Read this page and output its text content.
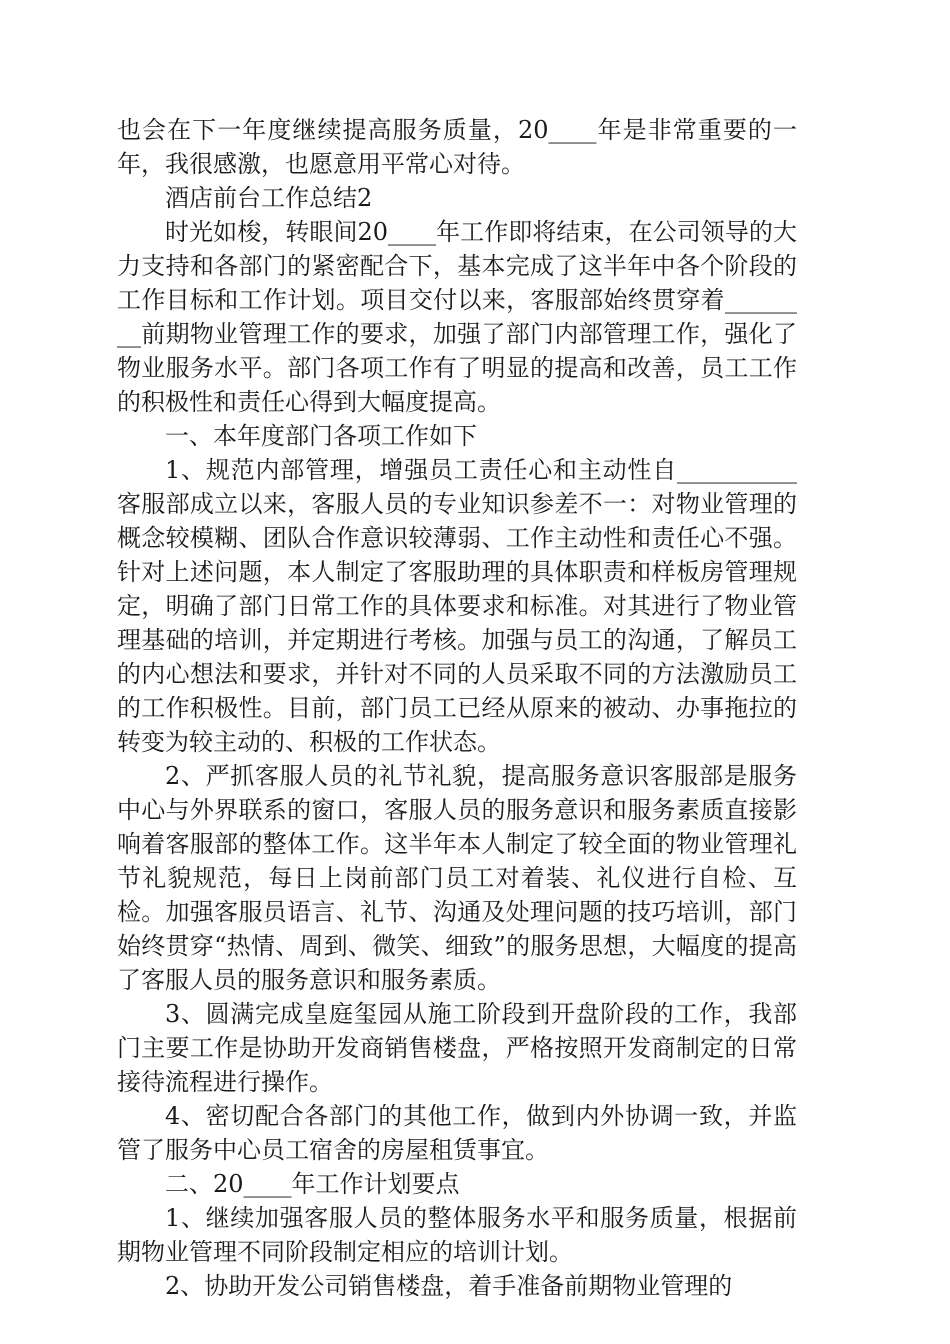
也会在下一年度继续提高服务质量，20____年是非常重要的一年，我很感激，也愿意用平常心对待。

酒店前台工作总结2

时光如梭，转眼间20____年工作即将结束，在公司领导的大力支持和各部门的紧密配合下，基本完成了这半年中各个阶段的工作目标和工作计划。项目交付以来，客服部始终贯穿着________前期物业管理工作的要求，加强了部门内部管理工作，强化了物业服务水平。部门各项工作有了明显的提高和改善，员工工作的积极性和责任心得到大幅度提高。

一、本年度部门各项工作如下

1、规范内部管理，增强员工责任心和主动性自__________客服部成立以来，客服人员的专业知识参差不一：对物业管理的概念较模糊、团队合作意识较薄弱、工作主动性和责任心不强。针对上述问题，本人制定了客服助理的具体职责和样板房管理规定，明确了部门日常工作的具体要求和标准。对其进行了物业管理基础的培训，并定期进行考核。加强与员工的沟通，了解员工的内心想法和要求，并针对不同的人员采取不同的方法激励员工的工作积极性。目前，部门员工已经从原来的被动、办事拖拉的转变为较主动的、积极的工作状态。

2、严抓客服人员的礼节礼貌，提高服务意识客服部是服务中心与外界联系的窗口，客服人员的服务意识和服务素质直接影响着客服部的整体工作。这半年本人制定了较全面的物业管理礼节礼貌规范，每日上岗前部门员工对着装、礼仪进行自检、互检。加强客服员语言、礼节、沟通及处理问题的技巧培训，部门始终贯穿“热情、周到、微笑、细致”的服务思想，大幅度的提高了客服人员的服务意识和服务素质。

3、圆满完成皇庭玺园从施工阶段到开盘阶段的工作，我部门主要工作是协助开发商销售楼盘，严格按照开发商制定的日常接待流程进行操作。

4、密切配合各部门的其他工作，做到内外协调一致，并监管了服务中心员工宿舍的房屋租赁事宜。

二、20____年工作计划要点

1、继续加强客服人员的整体服务水平和服务质量，根据前期物业管理不同阶段制定相应的培训计划。

2、协助开发公司销售楼盘，着手准备前期物业管理的
